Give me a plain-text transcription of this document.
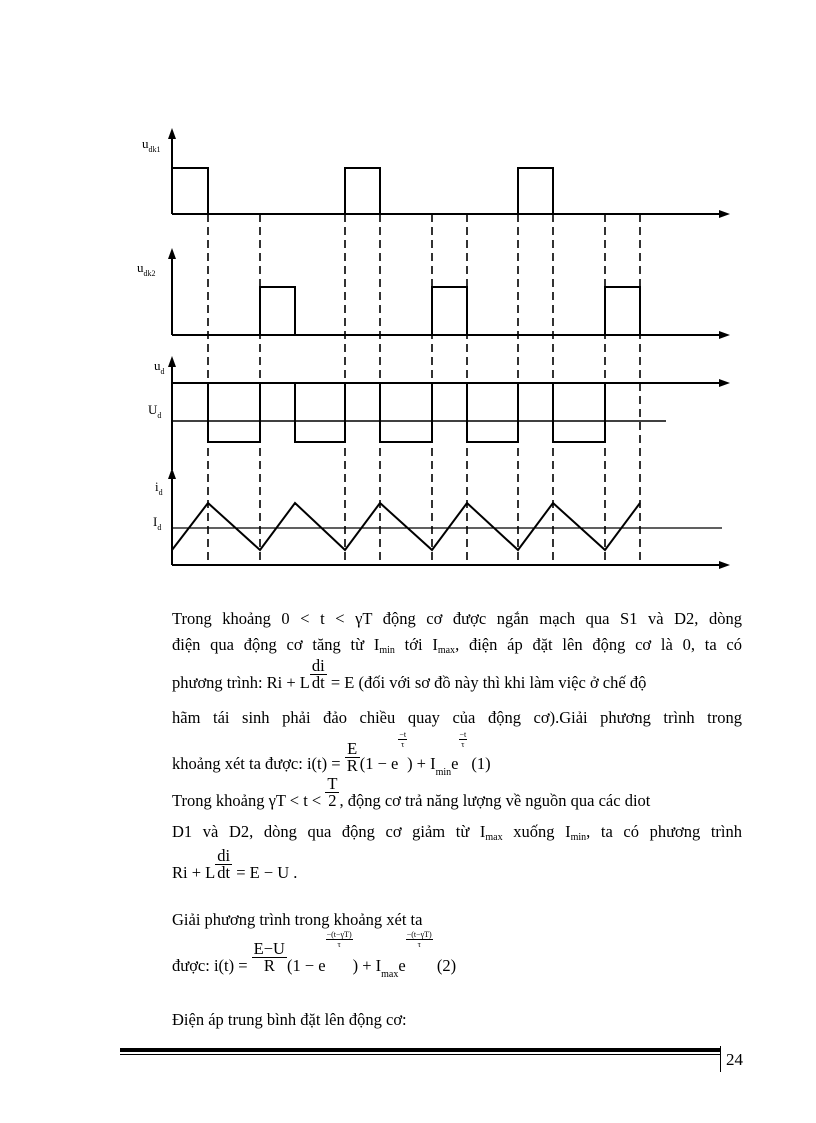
$u_{dk1}$
$u_{dk2}$
$u_d$
$U_d$
$i_d$
$I_d$
Trong khoảng 0 < t < γT động cơ được ngắn mạch qua S1 và D2, dòng
điện qua động cơ tăng từ $I_{min}$ tới $I_{max}$, điện áp đặt lên động cơ là 0, ta có
phương trình: Ri + L $\frac{di}{dt} = E$ (đối với sơ đồ này thì khi làm việc ở chế độ
hãm tái sinh phải đảo chiều quay của động cơ).Giải phương trình trong
khoảng xét ta được: $i(t) = \frac{E}{R} (1 - e$
$\frac{-t}{\tau}$
) + $I_{min}e$
$\frac{-t}{\tau}$
(1)
Trong khoảng $\gamma T < t < \frac{T}{2}$ , động cơ trả năng lượng về nguồn qua các diot
D1 và D2, dòng qua động cơ giảm từ $I_{max}$ xuống $I_{min}$, ta có phương trình
Ri + L $\frac{di}{dt} = E - U$ .
Giải phương trình trong khoảng xét ta
được: $i(t) = \frac{E-U}{R} (1 - e$
$\frac{-(t-\gamma T)}{\tau}$
) + $I_{max}e$
$\frac{-(t-\gamma T)}{\tau}$
(2)
Điện áp trung bình đặt lên động cơ:
24
